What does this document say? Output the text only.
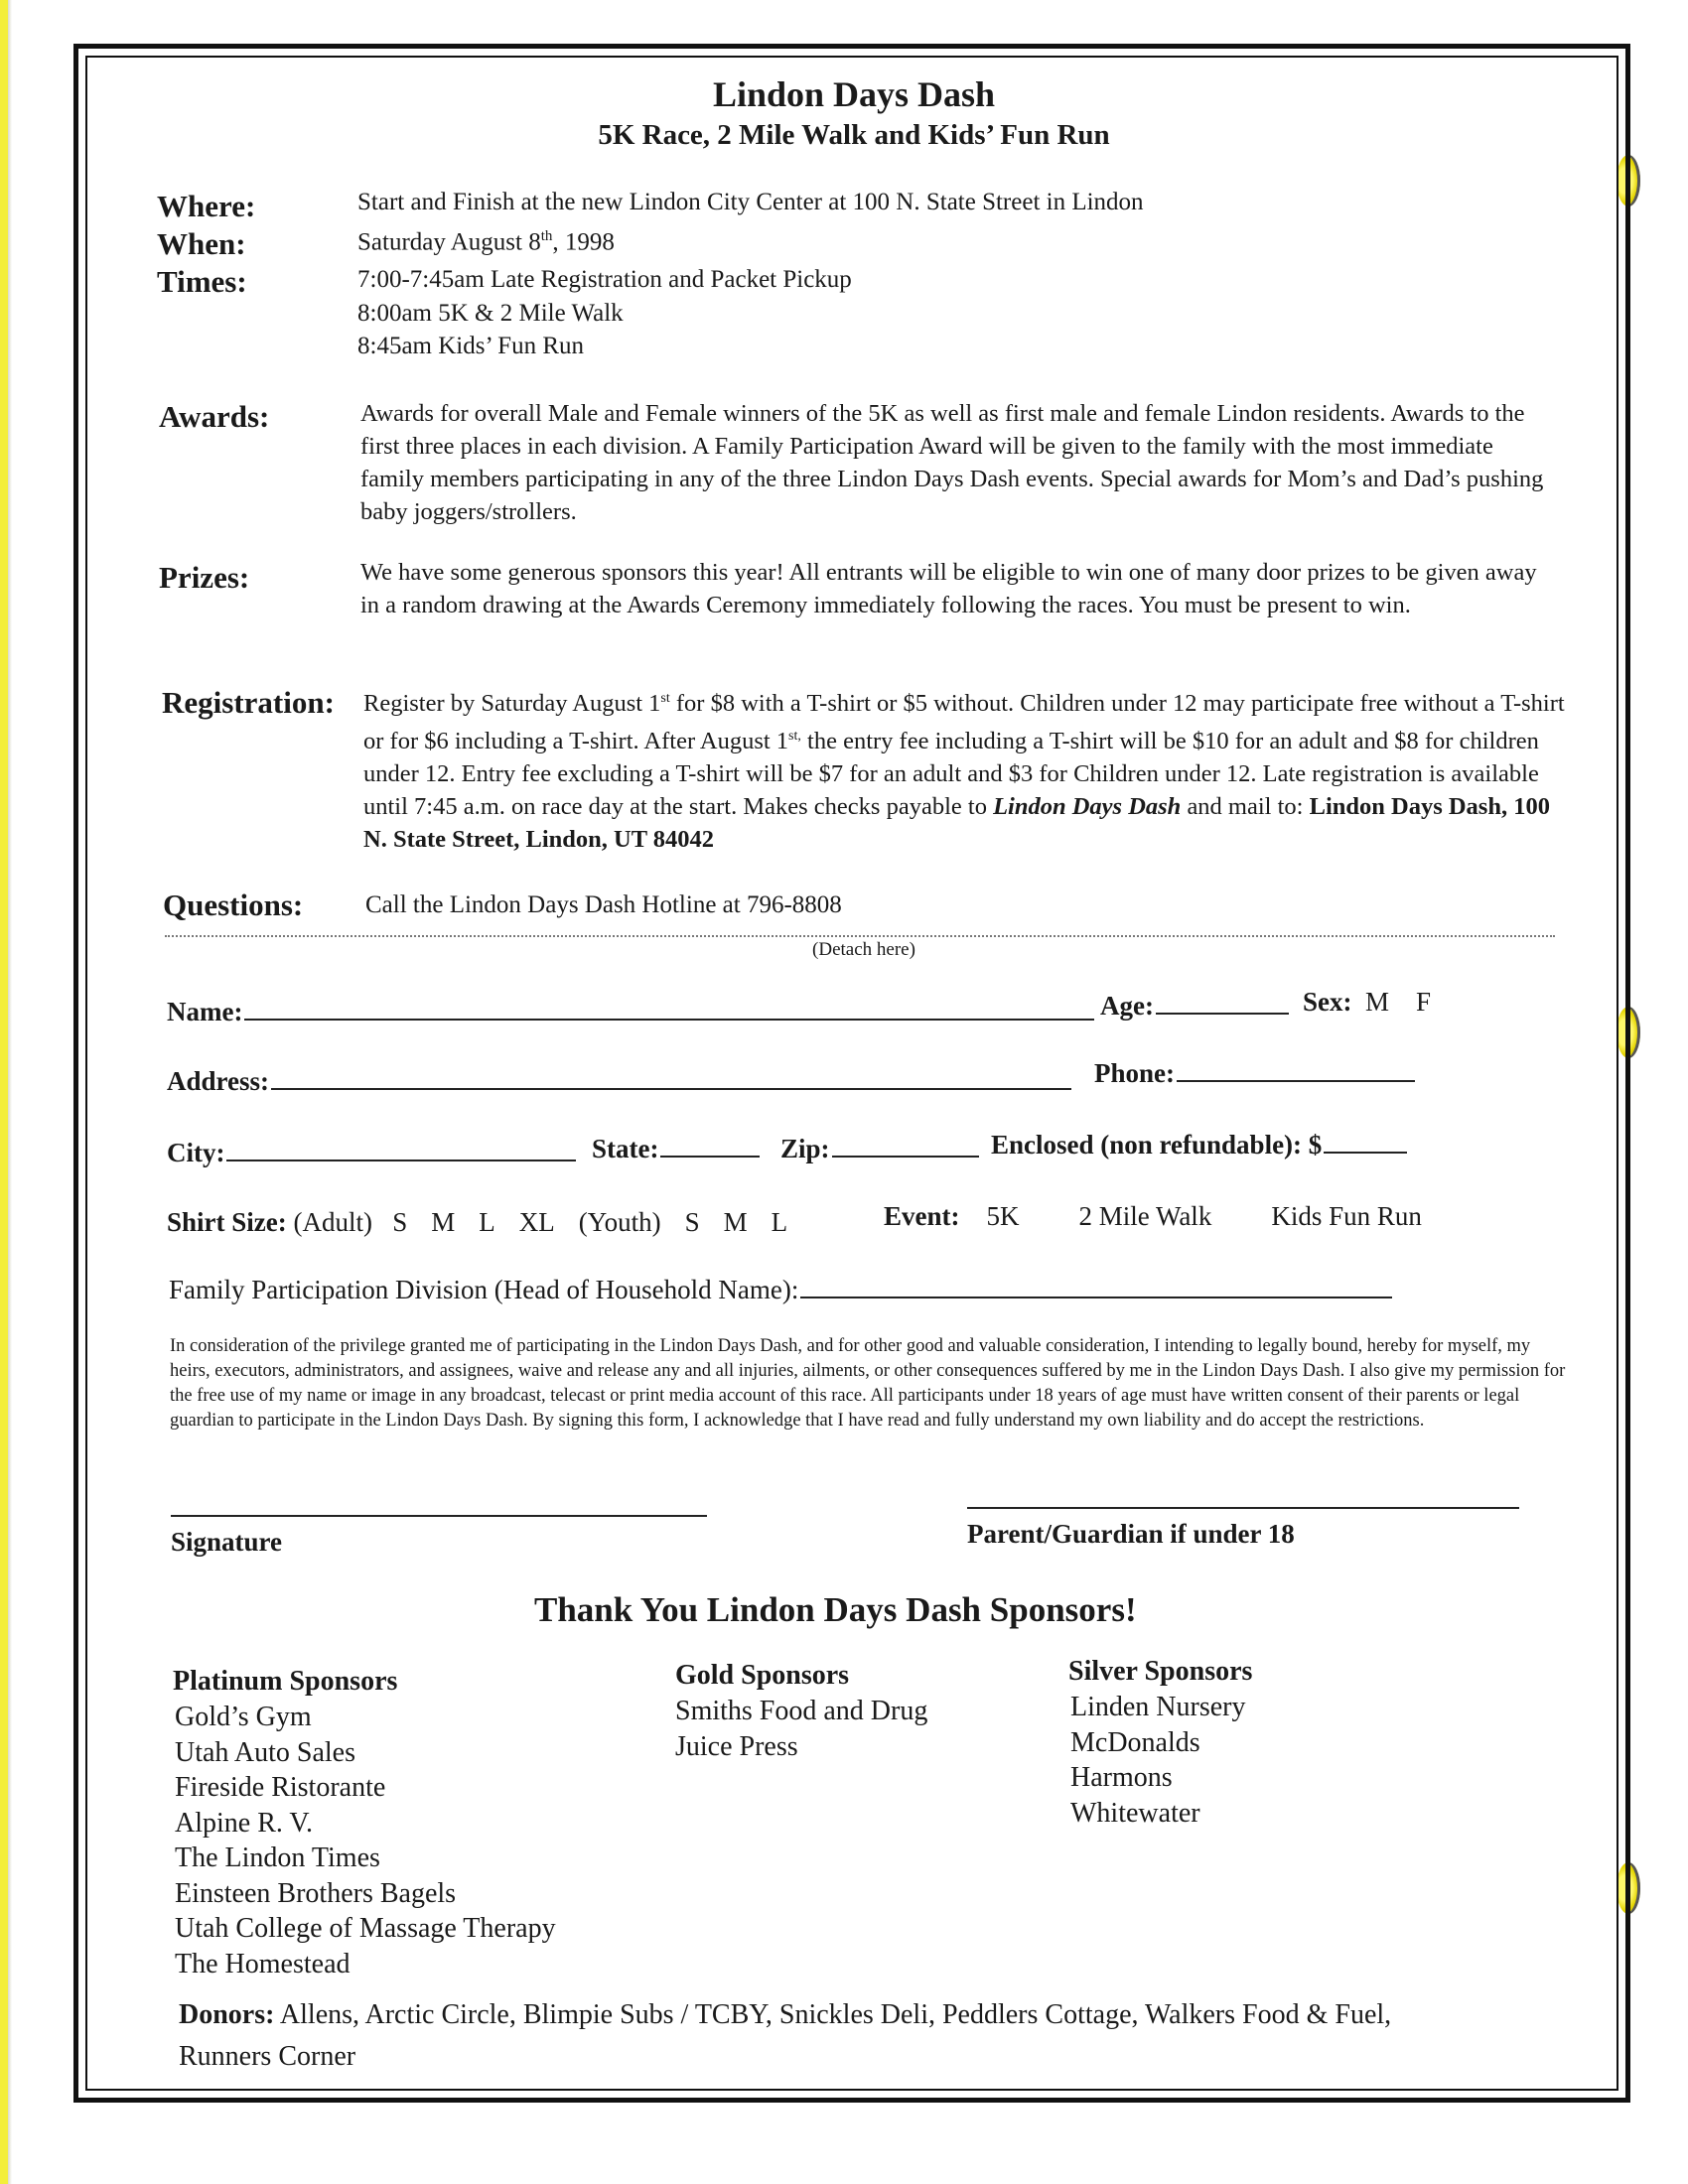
Lindon Days Dash
5K Race, 2 Mile Walk and Kids’ Fun Run
Where:	Start and Finish at the new Lindon City Center at 100 N. State Street in Lindon
When:	Saturday August 8th, 1998
Times:	7:00-7:45am Late Registration and Packet Pickup
8:00am 5K & 2 Mile Walk
8:45am Kids’ Fun Run
Awards:	Awards for overall Male and Female winners of the 5K as well as first male and female Lindon residents. Awards to the first three places in each division. A Family Participation Award will be given to the family with the most immediate family members participating in any of the three Lindon Days Dash events. Special awards for Mom’s and Dad’s pushing baby joggers/strollers.
Prizes:	We have some generous sponsors this year! All entrants will be eligible to win one of many door prizes to be given away in a random drawing at the Awards Ceremony immediately following the races. You must be present to win.
Registration: Register by Saturday August 1st for $8 with a T-shirt or $5 without. Children under 12 may participate free without a T-shirt or for $6 including a T-shirt. After August $1^{st,}$ the entry fee including a T-shirt will be $10 for an adult and $8 for children under 12. Entry fee excluding a T-shirt will be $7 for an adult and $3 for Children under 12. Late registration is available until 7:45 a.m. on race day at the start. Makes checks payable to Lindon Days Dash and mail to: Lindon Days Dash, 100 N. State Street, Lindon, UT 84042
Questions:	Call the Lindon Days Dash Hotline at 796-8808
(Detach here)
Name:	Age:	Sex: M F
Address:	Phone:
City:	State:	Zip:	Enclosed (non refundable): $
Shirt Size: (Adult) S M L XL (Youth) S M L	Event: 5K 2 Mile Walk Kids Fun Run
Family Participation Division (Head of Household Name):
In consideration of the privilege granted me of participating in the Lindon Days Dash, and for other good and valuable consideration, I intending to legally bound, hereby for myself, my heirs, executors, administrators, and assignees, waive and release any and all injuries, ailments, or other consequences suffered by me in the Lindon Days Dash. I also give my permission for the free use of my name or image in any broadcast, telecast or print media account of this race. All participants under 18 years of age must have written consent of their parents or legal guardian to participate in the Lindon Days Dash. By signing this form, I acknowledge that I have read and fully understand my own liability and do accept the restrictions.
Signature	Parent/Guardian if under 18
Thank You Lindon Days Dash Sponsors!
Platinum Sponsors
Gold’s Gym
Utah Auto Sales
Fireside Ristorante
Alpine R. V.
The Lindon Times
Einsteen Brothers Bagels
Utah College of Massage Therapy
The Homestead
Gold Sponsors
Smiths Food and Drug
Juice Press
Silver Sponsors
Linden Nursery
McDonalds
Harmons
Whitewater
Donors: Allens, Arctic Circle, Blimpie Subs / TCBY, Snickles Deli, Peddlers Cottage, Walkers Food & Fuel,
Runners Corner
